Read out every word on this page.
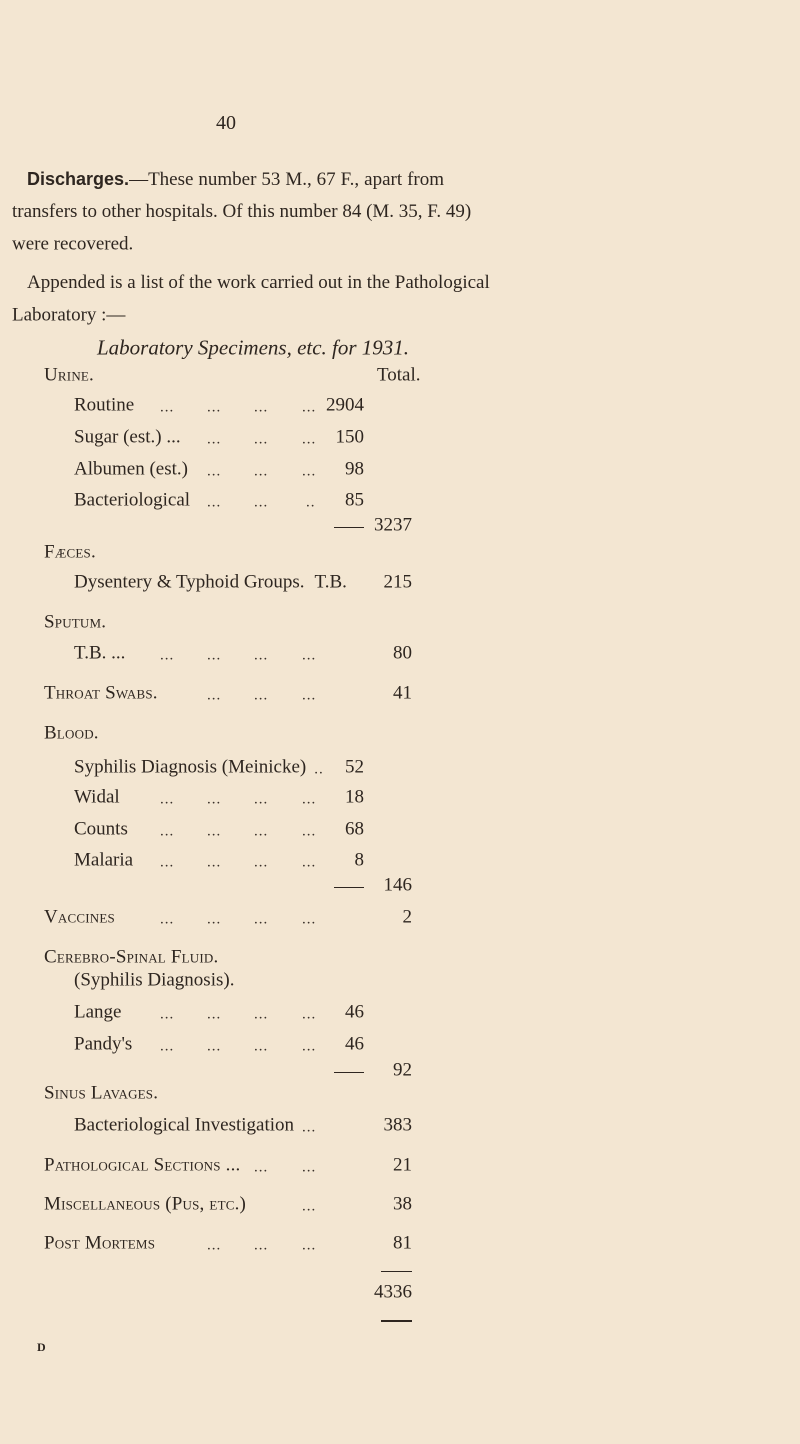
40
Discharges.—These number 53 M., 67 F., apart from
transfers to other hospitals. Of this number 84 (M. 35, F. 49)
were recovered.
Appended is a list of the work carried out in the Pathological
Laboratory :—
Laboratory Specimens, etc. for 1931.
Total.
Urine.
Routine ... ... ... ... 2904
Sugar (est.) ... ... ... ...	150
Albumen (est.) ... ... ...	98
Bacteriological ... ...	..	85
3237
Fæces.
Dysentery & Typhoid Groups. T.B.	215
Sputum.
T.B. ... ... ... ... ...	80
Throat Swabs.	... ... ...	41
Blood.
Syphilis Diagnosis (Meinicke) ..	52
Widal	... ... ... ...	18
Counts ... ... ... ...	68
Malaria ... ... ... ...	8
146
Vaccines	... ... ... ...	2
Cerebro-Spinal Fluid.
(Syphilis Diagnosis).
Lange	... ... ... ...	46
Pandy's ... ... ... ...	46
92
Sinus Lavages.
Bacteriological Investigation ...	383
Pathological Sections ... ... ...	21
Miscellaneous (Pus, etc.)	...	38
Post Mortems	... ... ...	81
4336
D
